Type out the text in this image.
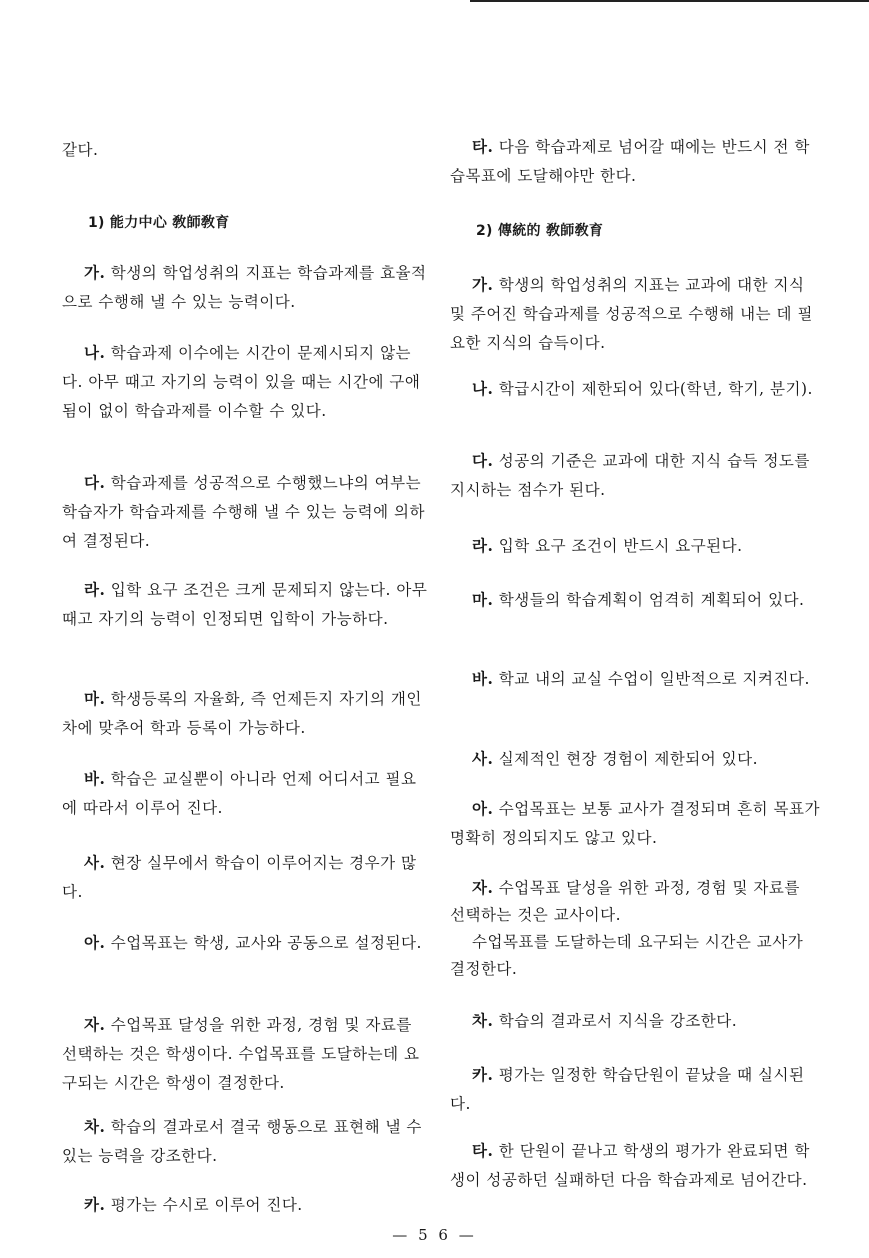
같다.

1) 能力中心 敎師敎育

가. 학생의 학업성취의 지표는 학습과제를 효율적으로 수행해 낼 수 있는 능력이다.

나. 학습과제 이수에는 시간이 문제시되지 않는다. 아무 때고 자기의 능력이 있을 때는 시간에 구애됨이 없이 학습과제를 이수할 수 있다.

다. 학습과제를 성공적으로 수행했느냐의 여부는 학습자가 학습과제를 수행해 낼 수 있는 능력에 의하여 결정된다.

라. 입학 요구 조건은 크게 문제되지 않는다. 아무 때고 자기의 능력이 인정되면 입학이 가능하다.

마. 학생등록의 자율화, 즉 언제든지 자기의 개인차에 맞추어 학과 등록이 가능하다.

바. 학습은 교실뿐이 아니라 언제 어디서고 필요에 따라서 이루어 진다.

사. 현장 실무에서 학습이 이루어지는 경우가 많다.

아. 수업목표는 학생, 교사와 공동으로 설정된다.

자. 수업목표 달성을 위한 과정, 경험 및 자료를 선택하는 것은 학생이다. 수업목표를 도달하는데 요구되는 시간은 학생이 결정한다.

차. 학습의 결과로서 결국 행동으로 표현해 낼 수 있는 능력을 강조한다.

카. 평가는 수시로 이루어 진다.

타. 다음 학습과제로 넘어갈 때에는 반드시 전 학습목표에 도달해야만 한다.

2) 傳統的 敎師敎育

가. 학생의 학업성취의 지표는 교과에 대한 지식 및 주어진 학습과제를 성공적으로 수행해 내는 데 필요한 지식의 습득이다.

나. 학급시간이 제한되어 있다(학년, 학기, 분기).

다. 성공의 기준은 교과에 대한 지식 습득 정도를 지시하는 점수가 된다.

라. 입학 요구 조건이 반드시 요구된다.

마. 학생들의 학습계획이 엄격히 계획되어 있다.

바. 학교 내의 교실 수업이 일반적으로 지켜진다.

사. 실제적인 현장 경험이 제한되어 있다.

아. 수업목표는 보통 교사가 결정되며 흔히 목표가 명확히 정의되지도 않고 있다.

자. 수업목표 달성을 위한 과정, 경험 및 자료를 선택하는 것은 교사이다.

수업목표를 도달하는데 요구되는 시간은 교사가 결정한다.

차. 학습의 결과로서 지식을 강조한다.

카. 평가는 일정한 학습단원이 끝났을 때 실시된다.

타. 한 단원이 끝나고 학생의 평가가 완료되면 학생이 성공하던 실패하던 다음 학습과제로 넘어간다.

— 5 6 —
